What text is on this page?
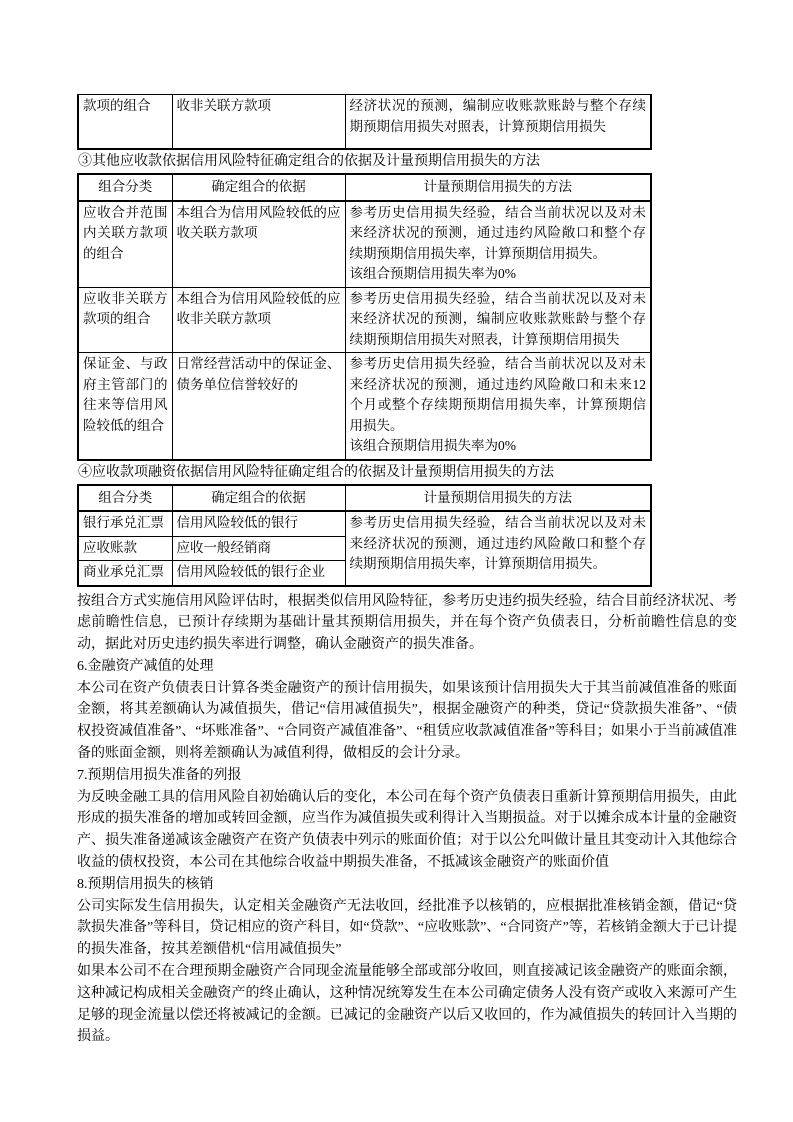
款项的组合	收非关联方款项	经济状况的预测，编制应收账款账龄与整个存续期预期信用损失对照表，计算预期信用损失
③其他应收款依据信用风险特征确定组合的依据及计量预期信用损失的方法
组合分类	确定组合的依据	计量预期信用损失的方法
应收合并范围内关联方款项的组合	本组合为信用风险较低的应收关联方款项	参考历史信用损失经验，结合当前状况以及对未来经济状况的预测，通过违约风险敞口和整个存续期预期信用损失率，计算预期信用损失。
该组合预期信用损失率为0%

应收非关联方款项的组合	本组合为信用风险较低的应收非关联方款项	参考历史信用损失经验，结合当前状况以及对未来经济状况的预测，编制应收账款账龄与整个存续期预期信用损失对照表，计算预期信用损失
保证金、与政府主管部门的往来等信用风险较低的组合	日常经营活动中的保证金、债务单位信誉较好的	参考历史信用损失经验，结合当前状况以及对未来经济状况的预测，通过违约风险敞口和未来12个月或整个存续期预期信用损失率，计算预期信用损失。
该组合预期信用损失率为0%
④应收款项融资依据信用风险特征确定组合的依据及计量预期信用损失的方法
组合分类	确定组合的依据	计量预期信用损失的方法
银行承兑汇票	信用风险较低的银行	参考历史信用损失经验，结合当前状况以及对未来经济状况的预测，通过违约风险敞口和整个存续期预期信用损失率，计算预期信用损失。
应收账款	应收一般经销商	
商业承兑汇票	信用风险较低的银行企业	

按组合方式实施信用风险评估时，根据类似信用风险特征，参考历史违约损失经验，结合目前经济状况、考虑前瞻性信息，已预计存续期为基础计量其预期信用损失，并在每个资产负债表日，分析前瞻性信息的变动，据此对历史违约损失率进行调整，确认金融资产的损失准备。

6.金融资产减值的处理

本公司在资产负债表日计算各类金融资产的预计信用损失，如果该预计信用损失大于其当前减值准备的账面金额，将其差额确认为减值损失，借记“信用减值损失”，根据金融资产的种类，贷记“贷款损失准备”、“债权投资减值准备”、“坏账准备”、“合同资产减值准备”、“租赁应收款减值准备”等科目；如果小于当前减值准备的账面金额，则将差额确认为减值利得，做相反的会计分录。

7.预期信用损失准备的列报

为反映金融工具的信用风险自初始确认后的变化，本公司在每个资产负债表日重新计算预期信用损失，由此形成的损失准备的增加或转回金额，应当作为减值损失或利得计入当期损益。对于以摊余成本计量的金融资产、损失准备递减该金融资产在资产负债表中列示的账面价值；对于以公允叫做计量且其变动计入其他综合收益的债权投资，本公司在其他综合收益中期损失准备，不抵减该金融资产的账面价值

8.预期信用损失的核销

公司实际发生信用损失，认定相关金融资产无法收回，经批准予以核销的，应根据批准核销金额，借记“贷款损失准备”等科目，贷记相应的资产科目，如“贷款”、“应收账款”、“合同资产”等，若核销金额大于已计提的损失准备，按其差额借机“信用减值损失”

如果本公司不在合理预期金融资产合同现金流量能够全部或部分收回，则直接减记该金融资产的账面余额，这种减记构成相关金融资产的终止确认，这种情况统筹发生在本公司确定债务人没有资产或收入来源可产生足够的现金流量以偿还将被减记的金额。已减记的金融资产以后又收回的，作为减值损失的转回计入当期的损益。
